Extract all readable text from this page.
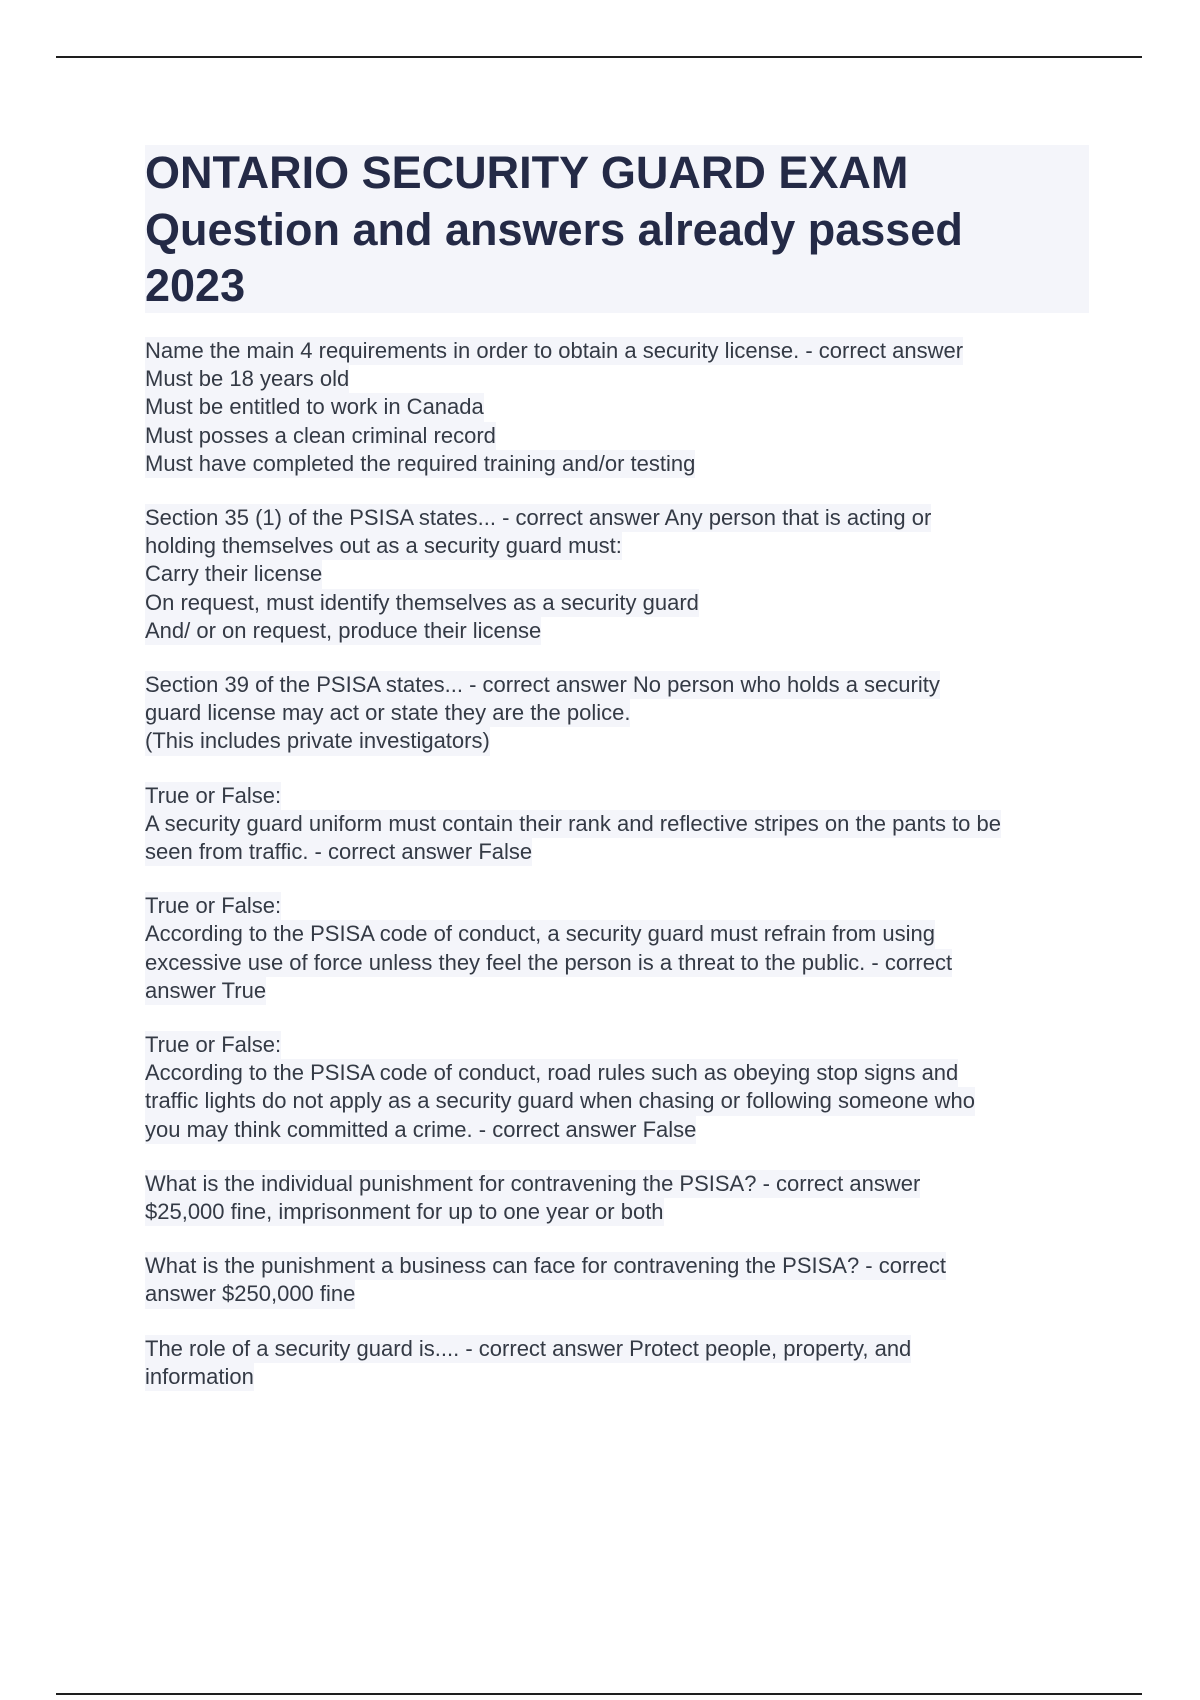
ONTARIO SECURITY GUARD EXAM
Question and answers already passed
2023
Name the main 4 requirements in order to obtain a security license. - correct answer
Must be 18 years old
Must be entitled to work in Canada
Must posses a clean criminal record
Must have completed the required training and/or testing
Section 35 (1) of the PSISA states... - correct answer Any person that is acting or
holding themselves out as a security guard must:
Carry their license
On request, must identify themselves as a security guard
And/ or on request, produce their license
Section 39 of the PSISA states... - correct answer No person who holds a security
guard license may act or state they are the police.
(This includes private investigators)
True or False:
A security guard uniform must contain their rank and reflective stripes on the pants to be
seen from traffic. - correct answer False
True or False:
According to the PSISA code of conduct, a security guard must refrain from using
excessive use of force unless they feel the person is a threat to the public. - correct
answer True
True or False:
According to the PSISA code of conduct, road rules such as obeying stop signs and
traffic lights do not apply as a security guard when chasing or following someone who
you may think committed a crime. - correct answer False
What is the individual punishment for contravening the PSISA? - correct answer
$25,000 fine, imprisonment for up to one year or both
What is the punishment a business can face for contravening the PSISA? - correct
answer $250,000 fine
The role of a security guard is.... - correct answer Protect people, property, and
information
